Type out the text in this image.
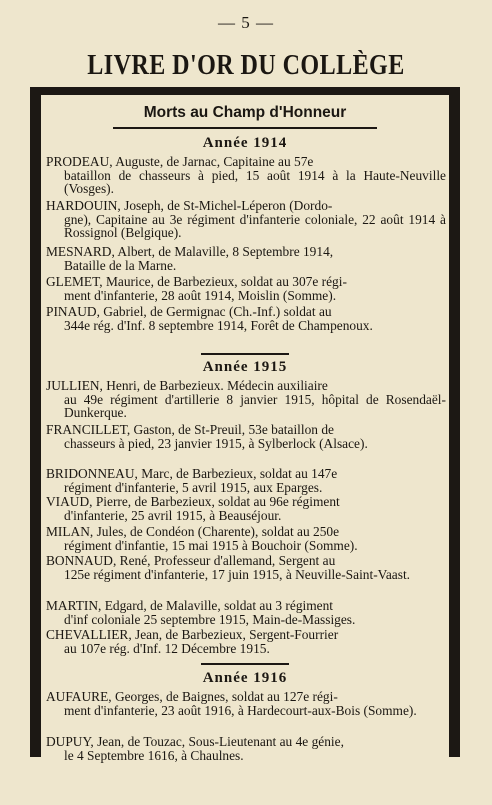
— 5 —
LIVRE D'OR DU COLLÈGE
Morts au Champ d'Honneur
Année 1914
PRODEAU, Auguste, de Jarnac, Capitaine au 57e
bataillon de chasseurs à pied, 15 août 1914 à la Haute-Neuville (Vosges).
HARDOUIN, Joseph, de St-Michel-Léperon (Dordo-
gne), Capitaine au 3e régiment d'infanterie coloniale, 22 août 1914 à Rossignol (Belgique).
MESNARD, Albert, de Malaville, 8 Septembre 1914,
Bataille de la Marne.
GLEMET, Maurice, de Barbezieux, soldat au 307e régi-
ment d'infanterie, 28 août 1914, Moislin (Somme).
PINAUD, Gabriel, de Germignac (Ch.-Inf.) soldat au
344e rég. d'Inf. 8 septembre 1914, Forêt de Champenoux.
Année 1915
JULLIEN, Henri, de Barbezieux. Médecin auxiliaire
au 49e régiment d'artillerie 8 janvier 1915, hôpital de Rosendaël-Dunkerque.
FRANCILLET, Gaston, de St-Preuil, 53e bataillon de
chasseurs à pied, 23 janvier 1915, à Sylberlock (Alsace).
BRIDONNEAU, Marc, de Barbezieux, soldat au 147e
régiment d'infanterie, 5 avril 1915, aux Eparges.
VIAUD, Pierre, de Barbezieux, soldat au 96e régiment
d'infanterie, 25 avril 1915, à Beauséjour.
MILAN, Jules, de Condéon (Charente), soldat au 250e
régiment d'infantie, 15 mai 1915 à Bouchoir (Somme).
BONNAUD, René, Professeur d'allemand, Sergent au
125e régiment d'infanterie, 17 juin 1915, à Neuville-Saint-Vaast.
MARTIN, Edgard, de Malaville, soldat au 3 régiment
d'inf coloniale 25 septembre 1915, Main-de-Massiges.
CHEVALLIER, Jean, de Barbezieux, Sergent-Fourrier
au 107e rég. d'Inf. 12 Décembre 1915.
Année 1916
AUFAURE, Georges, de Baignes, soldat au 127e régi-
ment d'infanterie, 23 août 1916, à Hardecourt-aux-Bois (Somme).
DUPUY, Jean, de Touzac, Sous-Lieutenant au 4e génie,
le 4 Septembre 1616, à Chaulnes.
